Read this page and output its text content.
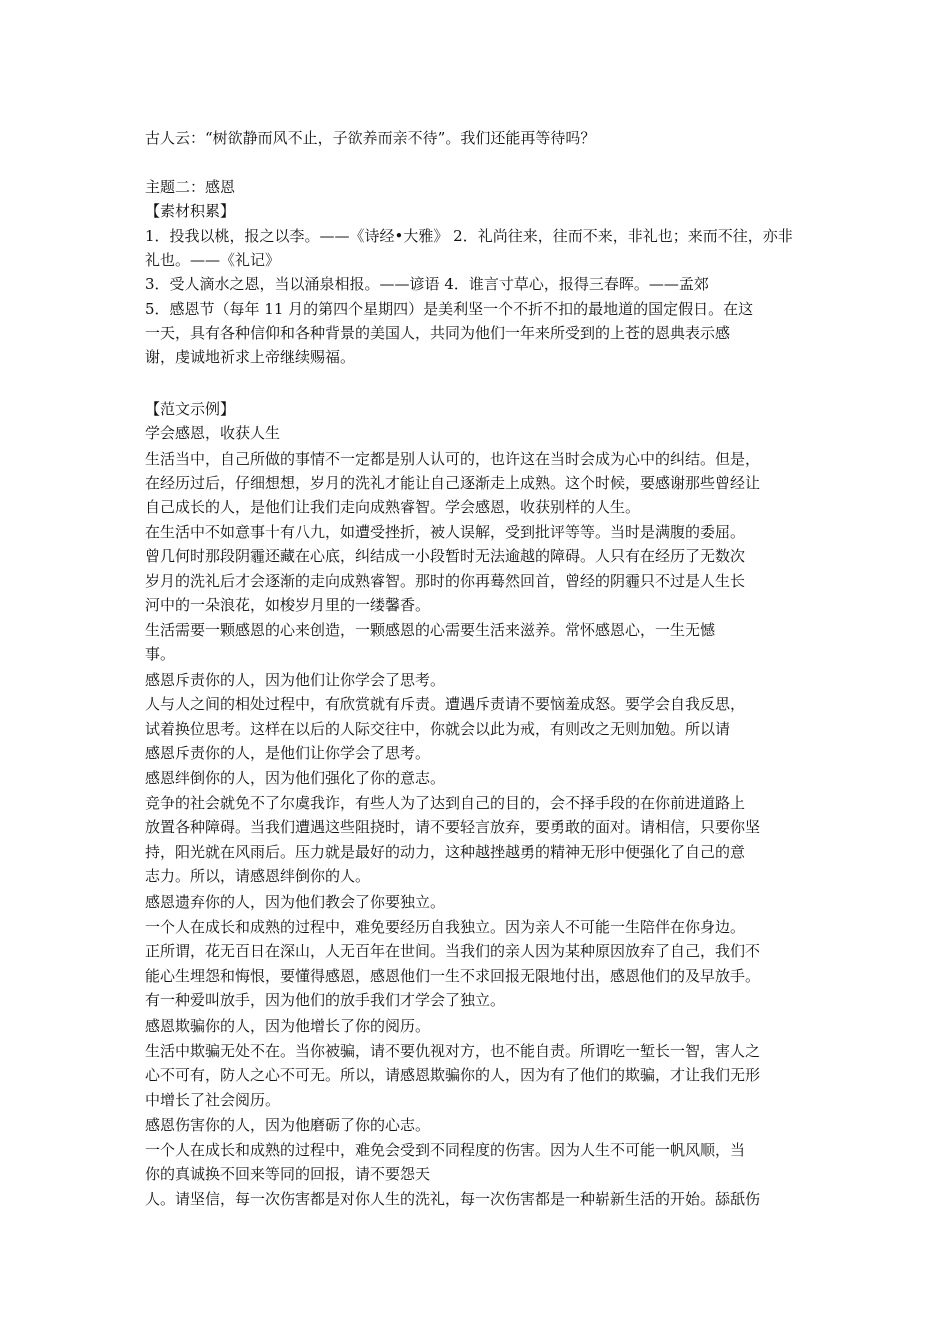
古人云：“树欲静而风不止，子欲养而亲不待”。我们还能再等待吗？
主题二：感恩
【素材积累】
1．投我以桃，报之以李。——《诗经•大雅》 2．礼尚往来，往而不来，非礼也；来而不往，亦非
礼也。——《礼记》
3．受人滴水之恩，当以涌泉相报。——谚语 4．谁言寸草心，报得三春晖。——孟郊
5．感恩节（每年 11 月的第四个星期四）是美利坚一个不折不扣的最地道的国定假日。在这
一天，具有各种信仰和各种背景的美国人，共同为他们一年来所受到的上苍的恩典表示感
谢，虔诚地祈求上帝继续赐福。
【范文示例】
学会感恩，收获人生
生活当中，自己所做的事情不一定都是别人认可的，也许这在当时会成为心中的纠结。但是，
在经历过后，仔细想想，岁月的洗礼才能让自己逐渐走上成熟。这个时候，要感谢那些曾经让
自己成长的人，是他们让我们走向成熟睿智。学会感恩，收获别样的人生。
在生活中不如意事十有八九，如遭受挫折，被人误解，受到批评等等。当时是满腹的委屈。
曾几何时那段阴霾还藏在心底，纠结成一小段暂时无法逾越的障碍。人只有在经历了无数次
岁月的洗礼后才会逐渐的走向成熟睿智。那时的你再蓦然回首，曾经的阴霾只不过是人生长
河中的一朵浪花，如梭岁月里的一缕馨香。
生活需要一颗感恩的心来创造，一颗感恩的心需要生活来滋养。常怀感恩心，一生无憾
事。
感恩斥责你的人，因为他们让你学会了思考。
人与人之间的相处过程中，有欣赏就有斥责。遭遇斥责请不要恼羞成怒。要学会自我反思，
试着换位思考。这样在以后的人际交往中，你就会以此为戒，有则改之无则加勉。所以请
感恩斥责你的人，是他们让你学会了思考。
感恩绊倒你的人，因为他们强化了你的意志。
竞争的社会就免不了尔虞我诈，有些人为了达到自己的目的，会不择手段的在你前进道路上
放置各种障碍。当我们遭遇这些阻挠时，请不要轻言放弃，要勇敢的面对。请相信，只要你坚
持，阳光就在风雨后。压力就是最好的动力，这种越挫越勇的精神无形中便强化了自己的意
志力。所以，请感恩绊倒你的人。
感恩遗弃你的人，因为他们教会了你要独立。
一个人在成长和成熟的过程中，难免要经历自我独立。因为亲人不可能一生陪伴在你身边。
正所谓，花无百日在深山，人无百年在世间。当我们的亲人因为某种原因放弃了自己，我们不
能心生埋怨和悔恨，要懂得感恩，感恩他们一生不求回报无限地付出，感恩他们的及早放手。
有一种爱叫放手，因为他们的放手我们才学会了独立。
感恩欺骗你的人，因为他增长了你的阅历。
生活中欺骗无处不在。当你被骗，请不要仇视对方，也不能自责。所谓吃一堑长一智，害人之
心不可有，防人之心不可无。所以，请感恩欺骗你的人，因为有了他们的欺骗，才让我们无形
中增长了社会阅历。
感恩伤害你的人，因为他磨砺了你的心志。
一个人在成长和成熟的过程中，难免会受到不同程度的伤害。因为人生不可能一帆风顺，当
你的真诚换不回来等同的回报，请不要怨天
人。请坚信，每一次伤害都是对你人生的洗礼，每一次伤害都是一种崭新生活的开始。舔舐伤
